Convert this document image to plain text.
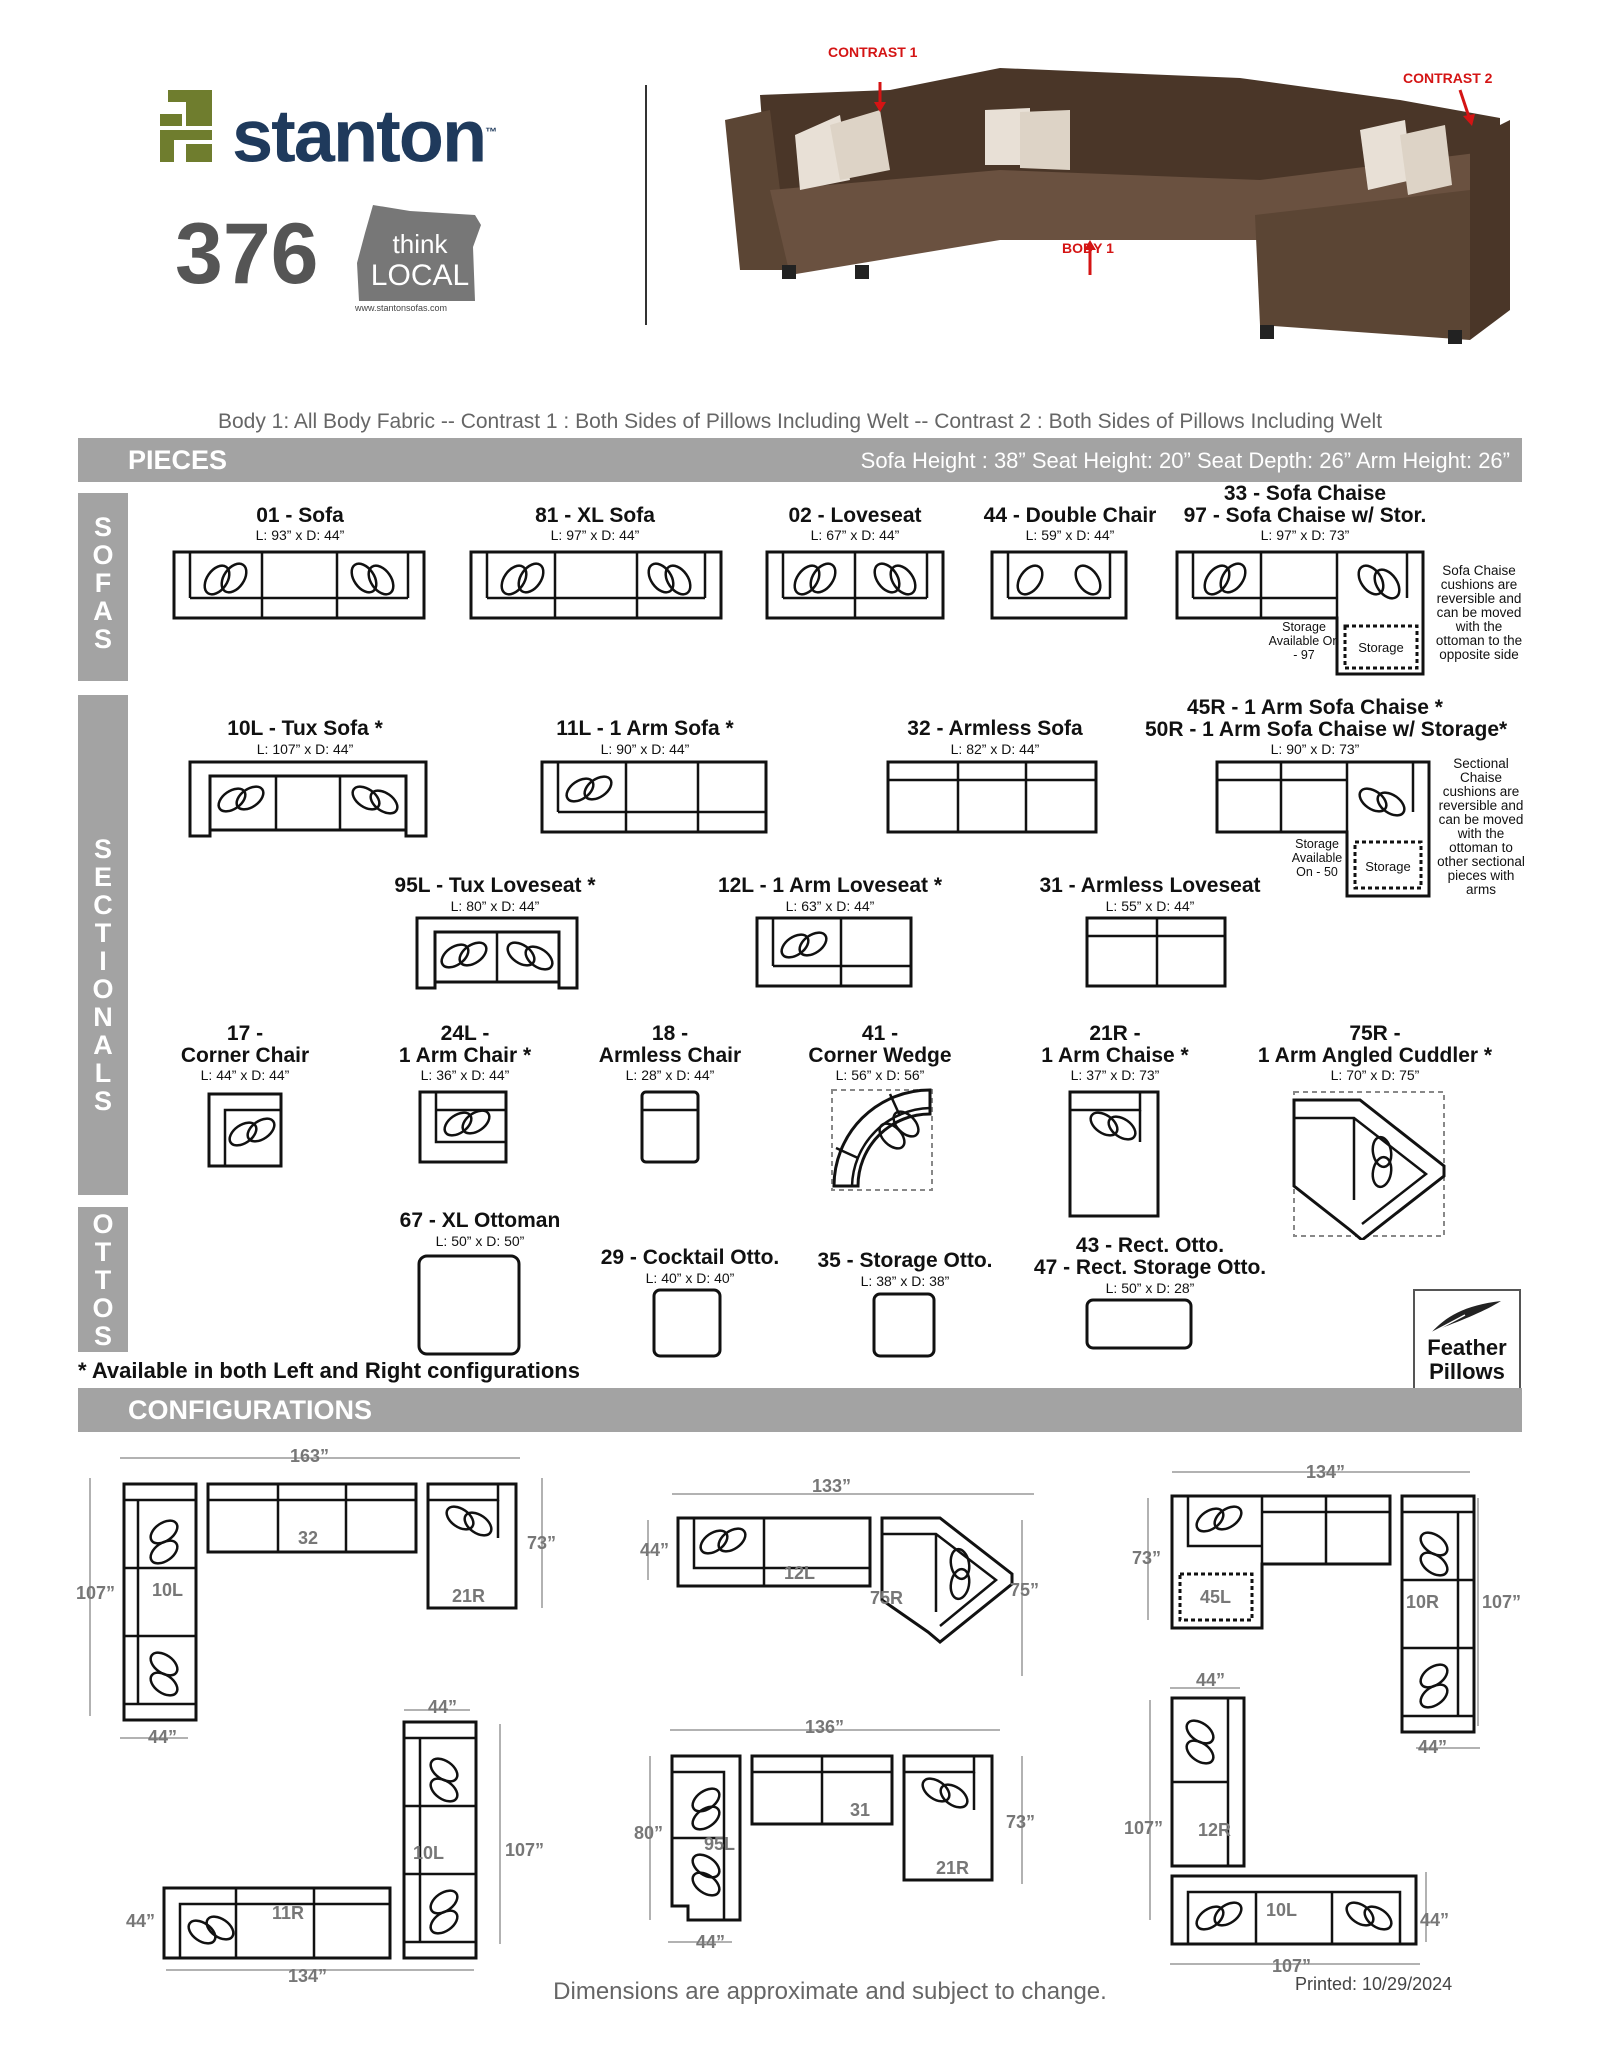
stanton™
376	think
LOCAL
www.stantonsofas.com
CONTRAST 1
CONTRAST 2
BODY 1
Body 1: All Body Fabric -- Contrast 1 : Both Sides of Pillows Including Welt -- Contrast 2 : Both Sides of Pillows Including Welt
PIECES	Sofa Height : 38” Seat Height: 20” Seat Depth: 26” Arm Height: 26”
S
O
F
A
S
S
E
C
T
I
O
N
A
L
S
O
T
T
O
S
01 - Sofa
L: 93” x D: 44”
81 - XL Sofa
L: 97” x D: 44”
02 - Loveseat
L: 67” x D: 44”
44 - Double Chair
L: 59” x D: 44”
33 - Sofa Chaise
97 - Sofa Chaise w/ Stor.
L: 97” x D: 73”
Storage
Storage Available On - 97
Sofa Chaise cushions are reversible and can be moved with the ottoman to the opposite side
10L - Tux Sofa *
L: 107” x D: 44”
11L - 1 Arm Sofa *
L: 90” x D: 44”
32 - Armless Sofa
L: 82” x D: 44”
45R - 1 Arm Sofa Chaise *
50R - 1 Arm Sofa Chaise w/ Storage*
L: 90” x D: 73”
Storage
Storage Available On - 50
Sectional Chaise cushions are reversible and can be moved with the ottoman to other sectional pieces with arms
95L - Tux Loveseat *
L: 80” x D: 44”
12L - 1 Arm Loveseat *
L: 63” x D: 44”
31 - Armless Loveseat
L: 55” x D: 44”
17 -
Corner Chair
L: 44” x D: 44”
24L -
1 Arm Chair *
L: 36” x D: 44”
18 -
Armless Chair
L: 28” x D: 44”
41 -
Corner Wedge
L: 56” x D: 56”
21R -
1 Arm Chaise *
L: 37” x D: 73”
75R -
1 Arm Angled Cuddler *
L: 70” x D: 75”
67 - XL Ottoman
L: 50” x D: 50”
29 - Cocktail Otto.
L: 40” x D: 40”
35 - Storage Otto.
L: 38” x D: 38”
43 - Rect. Otto.
47 - Rect. Storage Otto.
L: 50” x D: 28”
Feather
Pillows
* Available in both Left and Right configurations
CONFIGURATIONS
163”
107”
73”
44”
10L
32
21R
133”
44”
75”
12L
75R
134”
73”
107”
44”
45L	10R
44”
44”
107”
134”
11R
10L
136”
80”
73”
44”
95L
31
21R
44”
107”
44”
107”
12R
10L
Dimensions are approximate and subject to change.	Printed: 10/29/2024
